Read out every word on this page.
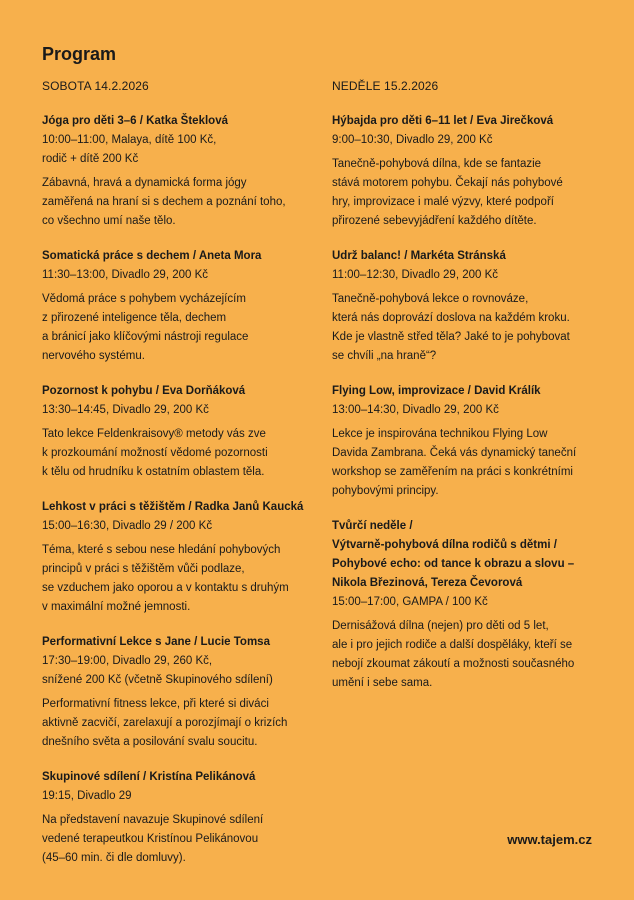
Program
SOBOTA 14.2.2026
Jóga pro děti 3–6 / Katka Šteklová
10:00–11:00, Malaya, dítě 100 Kč,
rodič + dítě 200 Kč
Zábavná, hravá a dynamická forma jógy
zaměřená na hraní si s dechem a poznání toho,
co všechno umí naše tělo.
Somatická práce s dechem / Aneta Mora
11:30–13:00, Divadlo 29, 200 Kč
Vědomá práce s pohybem vycházejícím
z přirozené inteligence těla, dechem
a bránicí jako klíčovými nástroji regulace
nervového systému.
Pozornost k pohybu / Eva Dorňáková
13:30–14:45, Divadlo 29, 200 Kč
Tato lekce Feldenkraisovy® metody vás zve
k prozkoumání možností vědomé pozornosti
k tělu od hrudníku k ostatním oblastem těla.
Lehkost v práci s těžištěm / Radka Janů Kaucká
15:00–16:30, Divadlo 29 / 200 Kč
Téma, které s sebou nese hledání pohybových
principů v práci s těžištěm vůči podlaze,
se vzduchem jako oporou a v kontaktu s druhým
v maximální možné jemnosti.
Performativní Lekce s Jane / Lucie Tomsa
17:30–19:00, Divadlo 29, 260 Kč,
snížené 200 Kč (včetně Skupinového sdílení)
Performativní fitness lekce, při které si diváci
aktivně zacvičí, zarelaxují a porozjímají o krizích
dnešního světa a posilování svalu soucitu.
Skupinové sdílení / Kristína Pelikánová
19:15, Divadlo 29
Na představení navazuje Skupinové sdílení
vedené terapeutkou Kristínou Pelikánovou
(45–60 min. či dle domluvy).
NEDĚLE 15.2.2026
Hýbajda pro děti 6–11 let / Eva Jirečková
9:00–10:30, Divadlo 29, 200 Kč
Tanečně-pohybová dílna, kde se fantazie
stává motorem pohybu. Čekají nás pohybové
hry, improvizace i malé výzvy, které podpoří
přirozené sebevyjádření každého dítěte.
Udrž balanc! / Markéta Stránská
11:00–12:30, Divadlo 29, 200 Kč
Tanečně-pohybová lekce o rovnováze,
která nás doprovází doslova na každém kroku.
Kde je vlastně střed těla? Jaké to je pohybovat
se chvíli „na hraně“?
Flying Low, improvizace / David Králík
13:00–14:30, Divadlo 29, 200 Kč
Lekce je inspirována technikou Flying Low
Davida Zambrana. Čeká vás dynamický taneční
workshop se zaměřením na práci s konkrétními
pohybovými principy.
Tvůrčí neděle /
Výtvarně-pohybová dílna rodičů s dětmi /
Pohybové echo: od tance k obrazu a slovu –
Nikola Březinová, Tereza Čevorová
15:00–17:00, GAMPA / 100 Kč
Dernisážová dílna (nejen) pro děti od 5 let,
ale i pro jejich rodiče a další dospěláky, kteří se
nebojí zkoumat zákoutí a možnosti současného
umění i sebe sama.
www.tajem.cz
